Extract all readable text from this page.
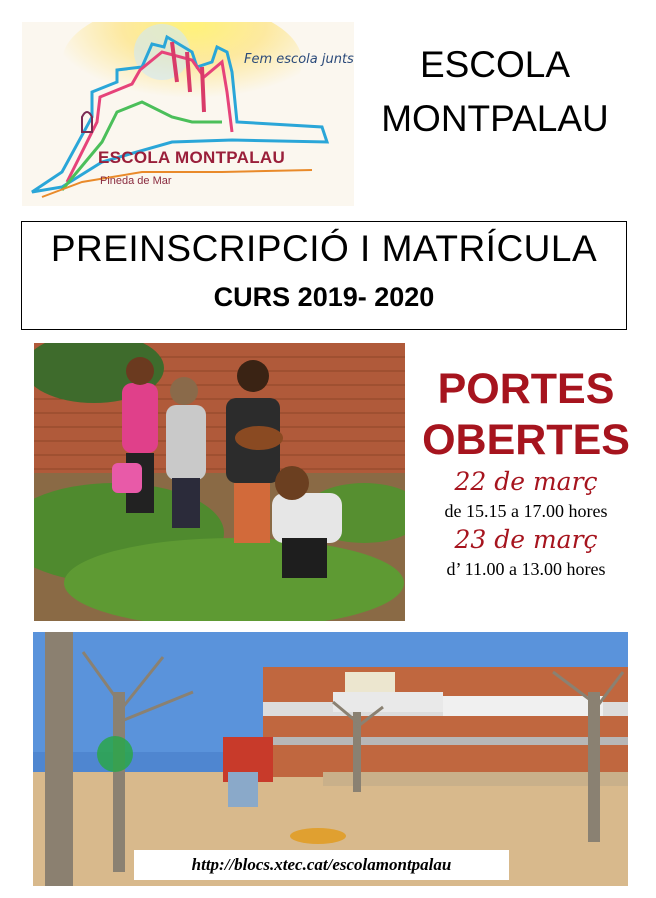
Fem escola junts
ESCOLA MONTPALAU
Pineda de Mar
ESCOLA
MONTPALAU
PREINSCRIPCIÓ I MATRÍCULA
CURS 2019- 2020
PORTES
OBERTES
22 de març
de 15.15 a 17.00 hores
23 de març
d’ 11.00 a 13.00 hores
http://blocs.xtec.cat/escolamontpalau
